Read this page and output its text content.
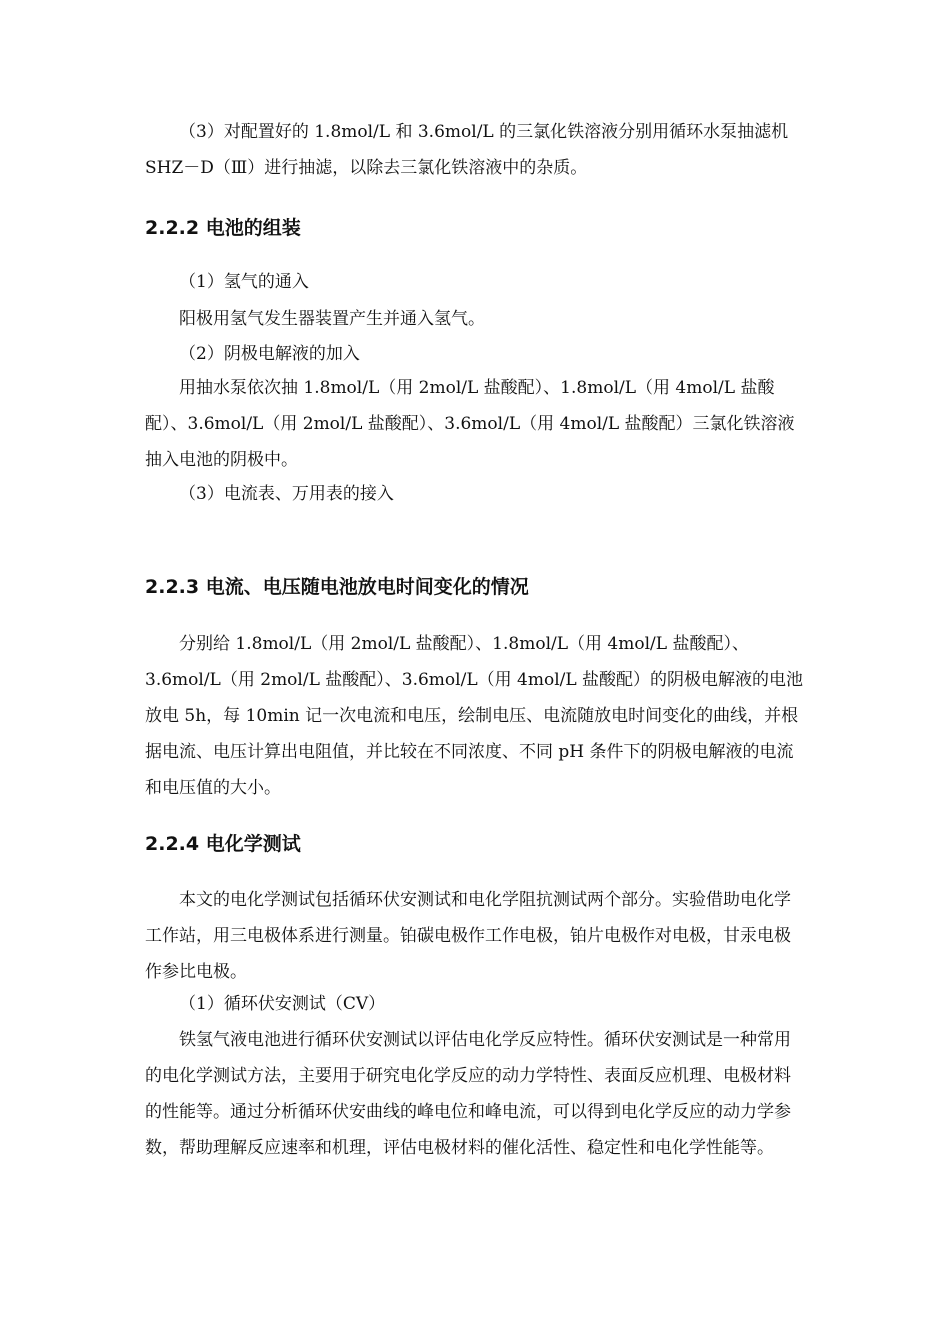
（3）对配置好的 1.8mol/L 和 3.6mol/L 的三氯化铁溶液分别用循环水泵抽滤机 SHZ－D（Ⅲ）进行抽滤，以除去三氯化铁溶液中的杂质。

2.2.2 电池的组装

（1）氢气的通入

阳极用氢气发生器装置产生并通入氢气。

（2）阴极电解液的加入

用抽水泵依次抽 1.8mol/L（用 2mol/L 盐酸配）、1.8mol/L（用 4mol/L 盐酸配）、3.6mol/L（用 2mol/L 盐酸配）、3.6mol/L（用 4mol/L 盐酸配）三氯化铁溶液抽入电池的阴极中。

（3）电流表、万用表的接入

2.2.3 电流、电压随电池放电时间变化的情况

分别给 1.8mol/L（用 2mol/L 盐酸配）、1.8mol/L（用 4mol/L 盐酸配）、3.6mol/L（用 2mol/L 盐酸配）、3.6mol/L（用 4mol/L 盐酸配）的阴极电解液的电池放电 5h，每 10min 记一次电流和电压，绘制电压、电流随放电时间变化的曲线，并根据电流、电压计算出电阻值，并比较在不同浓度、不同 pH 条件下的阴极电解液的电流和电压值的大小。

2.2.4 电化学测试

本文的电化学测试包括循环伏安测试和电化学阻抗测试两个部分。实验借助电化学工作站，用三电极体系进行测量。铂碳电极作工作电极，铂片电极作对电极，甘汞电极作参比电极。

（1）循环伏安测试（CV）

铁氢气液电池进行循环伏安测试以评估电化学反应特性。循环伏安测试是一种常用的电化学测试方法，主要用于研究电化学反应的动力学特性、表面反应机理、电极材料的性能等。通过分析循环伏安曲线的峰电位和峰电流，可以得到电化学反应的动力学参数，帮助理解反应速率和机理，评估电极材料的催化活性、稳定性和电化学性能等。
